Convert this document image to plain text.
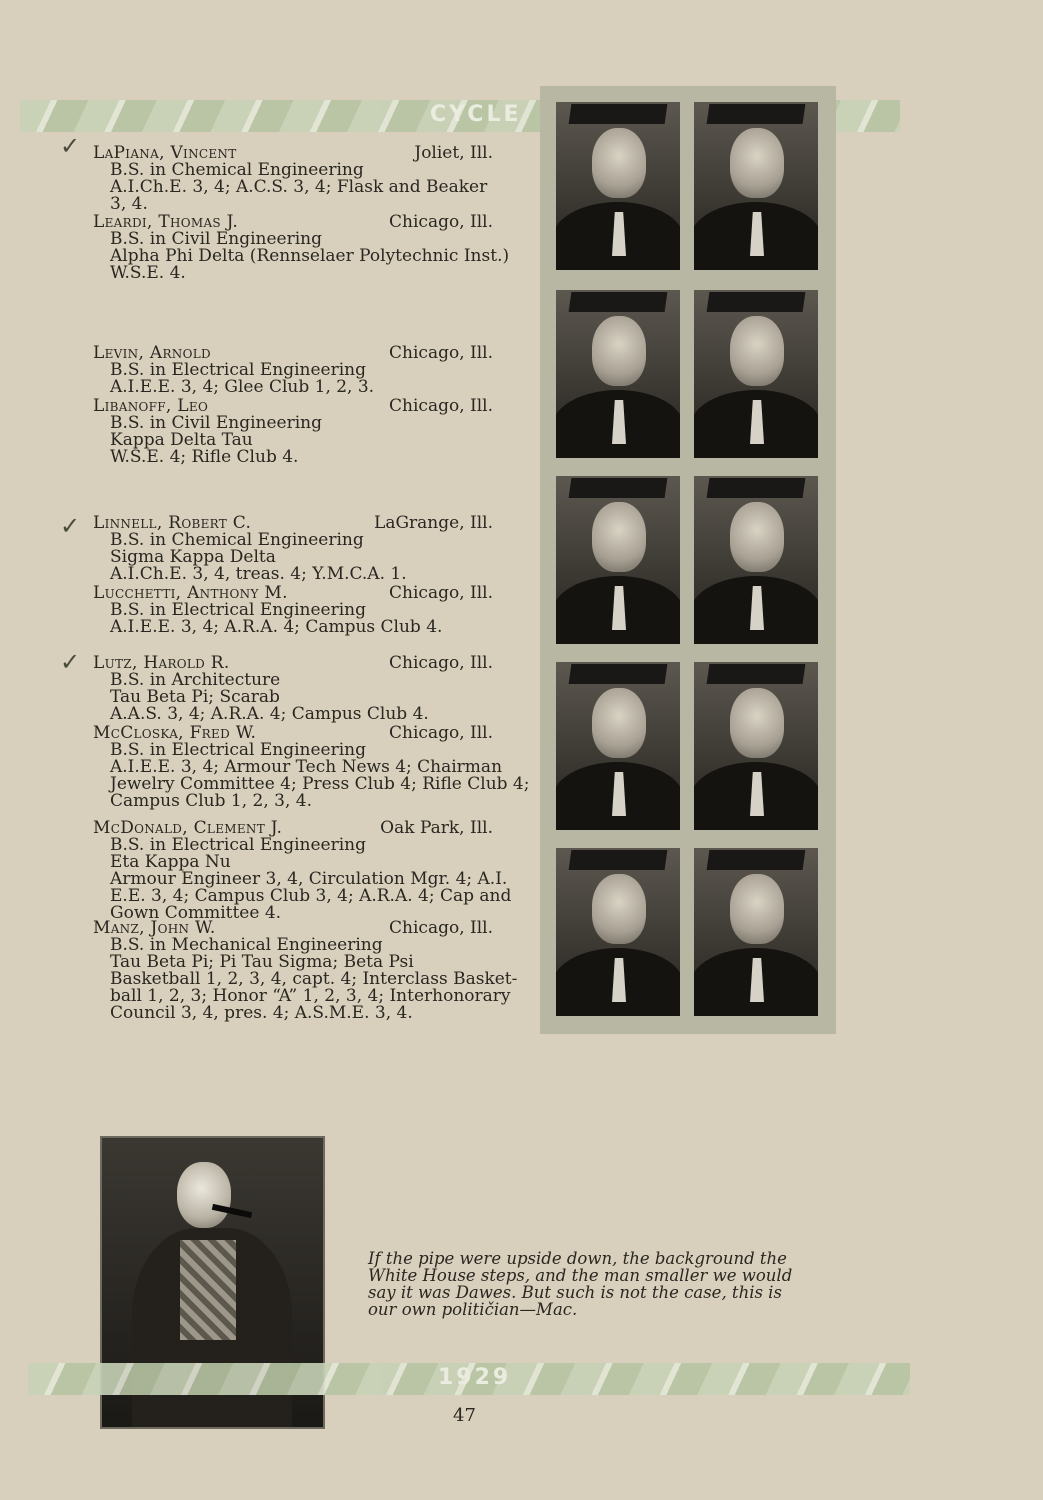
CYCLE
✓ LaPiana, Vincent	Joliet, Ill.
B.S. in Chemical Engineering
A.I.Ch.E. 3, 4; A.C.S. 3, 4; Flask and Beaker
3, 4.
Leardi, Thomas J.	Chicago, Ill.
B.S. in Civil Engineering
Alpha Phi Delta (Rennselaer Polytechnic Inst.)
W.S.E. 4.
Levin, Arnold	Chicago, Ill.
B.S. in Electrical Engineering
A.I.E.E. 3, 4; Glee Club 1, 2, 3.
Libanoff, Leo	Chicago, Ill.
B.S. in Civil Engineering
Kappa Delta Tau
W.S.E. 4; Rifle Club 4.
✓ Linnell, Robert C.	LaGrange, Ill.
B.S. in Chemical Engineering
Sigma Kappa Delta
A.I.Ch.E. 3, 4, treas. 4; Y.M.C.A. 1.
Lucchetti, Anthony M.	Chicago, Ill.
B.S. in Electrical Engineering
A.I.E.E. 3, 4; A.R.A. 4; Campus Club 4.
✓ Lutz, Harold R.	Chicago, Ill.
B.S. in Architecture
Tau Beta Pi; Scarab
A.A.S. 3, 4; A.R.A. 4; Campus Club 4.
McCloska, Fred W.	Chicago, Ill.
B.S. in Electrical Engineering
A.I.E.E. 3, 4; Armour Tech News 4; Chairman
Jewelry Committee 4; Press Club 4; Rifle Club 4;
Campus Club 1, 2, 3, 4.
McDonald, Clement J.	Oak Park, Ill.
B.S. in Electrical Engineering
Eta Kappa Nu
Armour Engineer 3, 4, Circulation Mgr. 4; A.I.
E.E. 3, 4; Campus Club 3, 4; A.R.A. 4; Cap and
Gown Committee 4.
Manz, John W.	Chicago, Ill.
B.S. in Mechanical Engineering
Tau Beta Pi; Pi Tau Sigma; Beta Psi
Basketball 1, 2, 3, 4, capt. 4; Interclass Basket-
ball 1, 2, 3; Honor “A” 1, 2, 3, 4; Interhonorary
Council 3, 4, pres. 4; A.S.M.E. 3, 4.
1929
If the pipe were upside down, the background the
White House steps, and the man smaller we would
say it was Dawes. But such is not the case, this is
our own političian—Mac.
47
